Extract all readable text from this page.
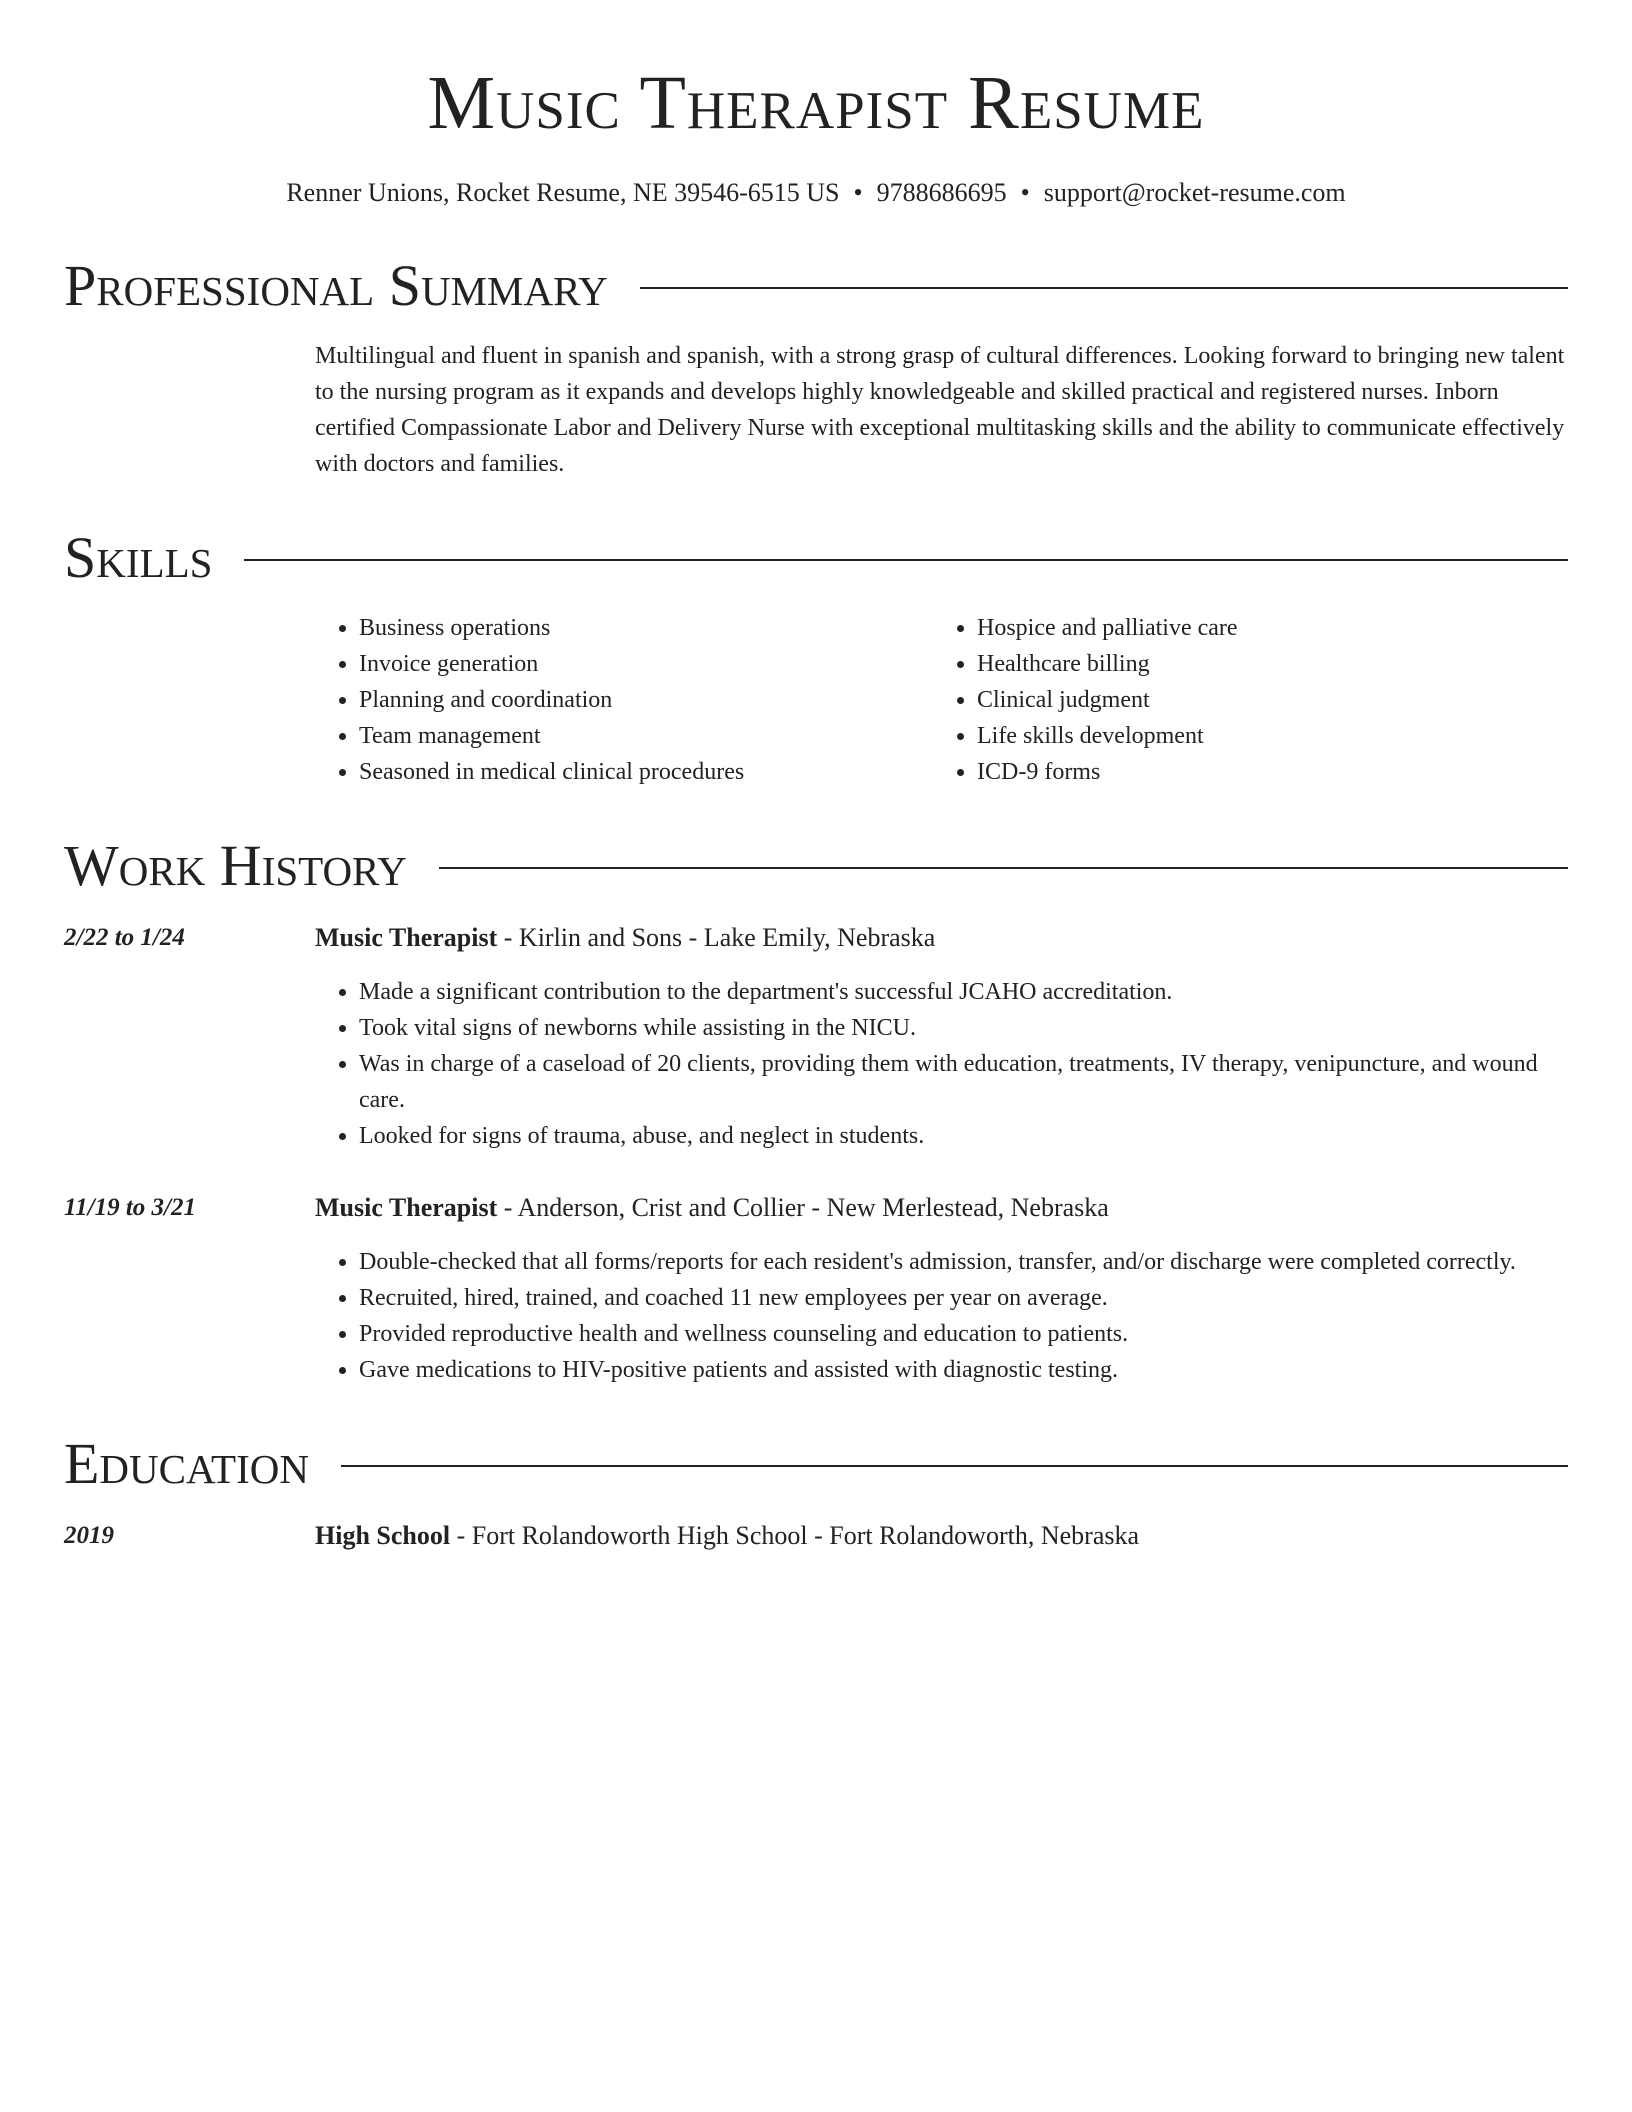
Music Therapist Resume
Renner Unions, Rocket Resume, NE 39546-6515 US • 9788686695 • support@rocket-resume.com
Professional Summary
Multilingual and fluent in spanish and spanish, with a strong grasp of cultural differences. Looking forward to bringing new talent to the nursing program as it expands and develops highly knowledgeable and skilled practical and registered nurses. Inborn certified Compassionate Labor and Delivery Nurse with exceptional multitasking skills and the ability to communicate effectively with doctors and families.
Skills
• Business operations
• Invoice generation
• Planning and coordination
• Team management
• Seasoned in medical clinical procedures
• Hospice and palliative care
• Healthcare billing
• Clinical judgment
• Life skills development
• ICD-9 forms
Work History
2/22 to 1/24	Music Therapist - Kirlin and Sons - Lake Emily, Nebraska
• Made a significant contribution to the department's successful JCAHO accreditation.
• Took vital signs of newborns while assisting in the NICU.
• Was in charge of a caseload of 20 clients, providing them with education, treatments, IV therapy, venipuncture, and wound care.
• Looked for signs of trauma, abuse, and neglect in students.
11/19 to 3/21	Music Therapist - Anderson, Crist and Collier - New Merlestead, Nebraska
• Double-checked that all forms/reports for each resident's admission, transfer, and/or discharge were completed correctly.
• Recruited, hired, trained, and coached 11 new employees per year on average.
• Provided reproductive health and wellness counseling and education to patients.
• Gave medications to HIV-positive patients and assisted with diagnostic testing.
Education
2019	High School - Fort Rolandoworth High School - Fort Rolandoworth, Nebraska
